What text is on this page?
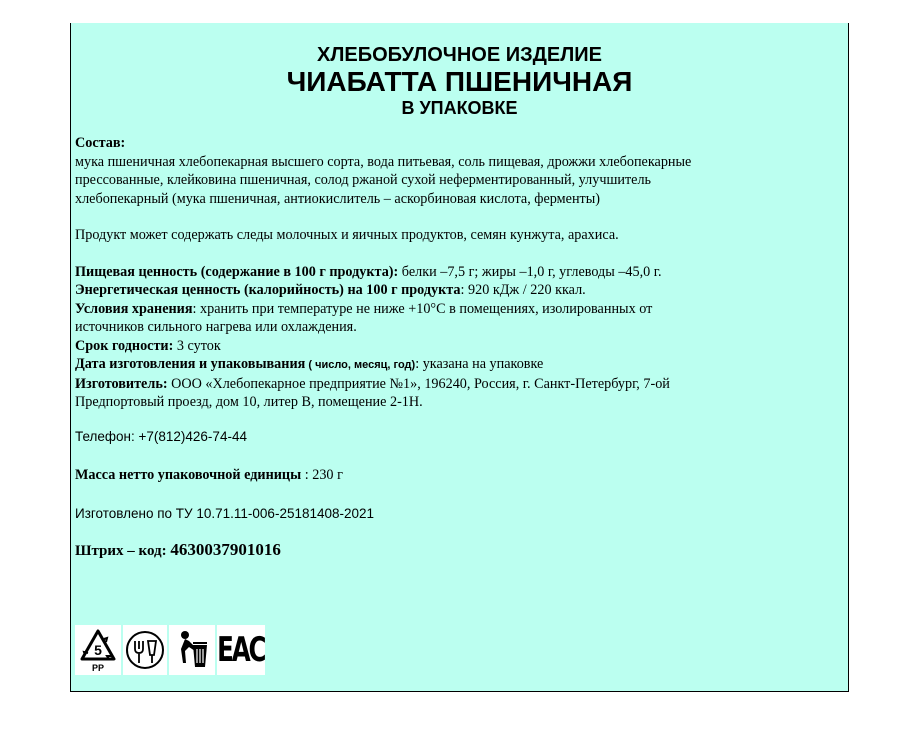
ХЛЕБОБУЛОЧНОЕ ИЗДЕЛИЕ
ЧИАБАТТА ПШЕНИЧНАЯ
В УПАКОВКЕ

Состав:

мука пшеничная хлебопекарная высшего сорта, вода питьевая, соль пищевая, дрожжи хлебопекарные

прессованные, клейковина пшеничная, солод ржаной сухой неферментированный, улучшитель

хлебопекарный (мука пшеничная, антиокислитель – аскорбиновая кислота, ферменты)

Продукт может содержать следы молочных и яичных продуктов, семян кунжута, арахиса.

Пищевая ценность (содержание в 100 г продукта): белки –7,5 г; жиры –1,0 г, углеводы –45,0 г.

Энергетическая ценность (калорийность) на 100 г продукта: 920 кДж / 220 ккал.

Условия хранения: хранить при температуре не ниже +10°С в помещениях, изолированных от

источников сильного нагрева или охлаждения.

Срок годности: 3 суток

Дата изготовления и упаковывания ( число, месяц, год): указана на упаковке

Изготовитель: ООО «Хлебопекарное предприятие №1», 196240, Россия, г. Санкт-Петербург, 7-ой

Предпортовый проезд, дом 10, литер В, помещение 2-1Н.

Телефон: +7(812)426-74-44

Масса нетто упаковочной единицы : 230 г

Изготовлено по ТУ 10.71.11-006-25181408-2021

Штрих – код: 4630037901016

5
PP	ЕАС
